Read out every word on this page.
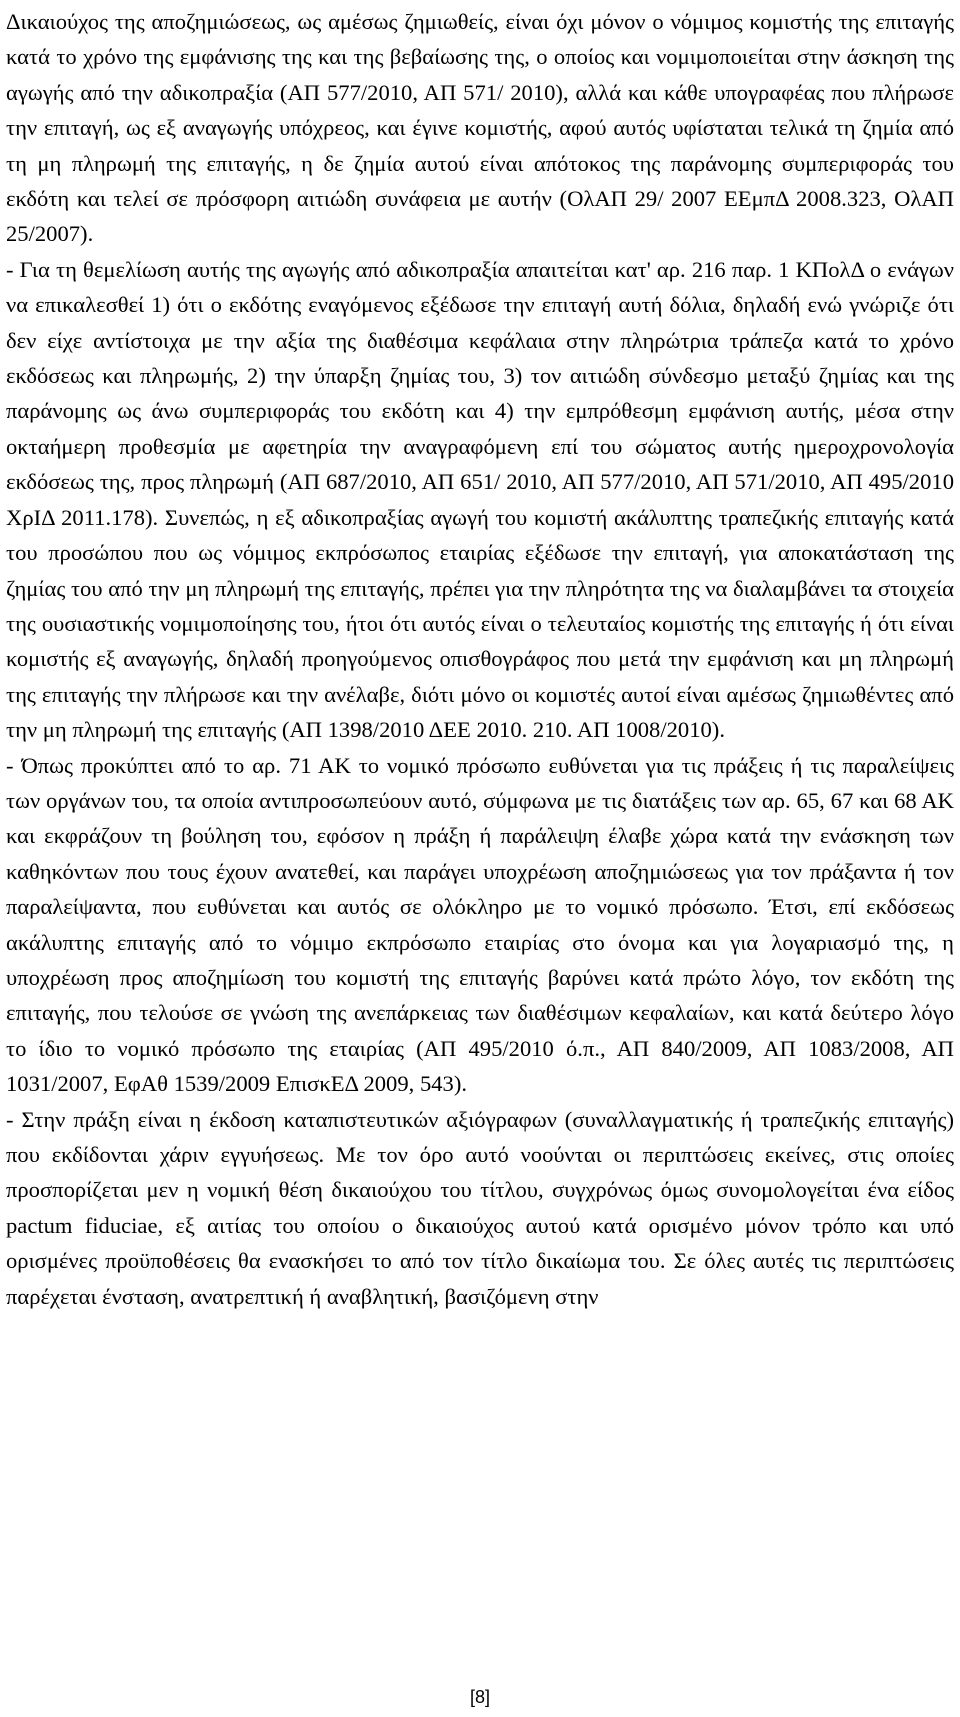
Δικαιούχος της αποζημιώσεως, ως αμέσως ζημιωθείς, είναι όχι μόνον ο νόμιμος κομιστής της επιταγής κατά το χρόνο της εμφάνισης της και της βεβαίωσης της, ο οποίος και νομιμοποιείται στην άσκηση της αγωγής από την αδικοπραξία (ΑΠ 577/2010, ΑΠ 571/ 2010), αλλά και κάθε υπογραφέας που πλήρωσε την επιταγή, ως εξ αναγωγής υπόχρεος, και έγινε κομιστής, αφού αυτός υφίσταται τελικά τη ζημία από τη μη πληρωμή της επιταγής, η δε ζημία αυτού είναι απότοκος της παράνομης συμπεριφοράς του εκδότη και τελεί σε πρόσφορη αιτιώδη συνάφεια με αυτήν (ΟλΑΠ 29/ 2007 ΕΕμπΔ 2008.323, ΟλΑΠ 25/2007).

- Για τη θεμελίωση αυτής της αγωγής από αδικοπραξία απαιτείται κατ' αρ. 216 παρ. 1 ΚΠολΔ ο ενάγων να επικαλεσθεί 1) ότι ο εκδότης εναγόμενος εξέδωσε την επιταγή αυτή δόλια, δηλαδή ενώ γνώριζε ότι δεν είχε αντίστοιχα με την αξία της διαθέσιμα κεφάλαια στην πληρώτρια τράπεζα κατά το χρόνο εκδόσεως και πληρωμής, 2) την ύπαρξη ζημίας του, 3) τον αιτιώδη σύνδεσμο μεταξύ ζημίας και της παράνομης ως άνω συμπεριφοράς του εκδότη και 4) την εμπρόθεσμη εμφάνιση αυτής, μέσα στην οκταήμερη προθεσμία με αφετηρία την αναγραφόμενη επί του σώματος αυτής ημεροχρονολογία εκδόσεως της, προς πληρωμή (ΑΠ 687/2010, ΑΠ 651/ 2010, ΑΠ 577/2010, ΑΠ 571/2010, ΑΠ 495/2010 ΧρΙΔ 2011.178). Συνεπώς, η εξ αδικοπραξίας αγωγή του κομιστή ακάλυπτης τραπεζικής επιταγής κατά του προσώπου που ως νόμιμος εκπρόσωπος εταιρίας εξέδωσε την επιταγή, για αποκατάσταση της ζημίας του από την μη πληρωμή της επιταγής, πρέπει για την πληρότητα της να διαλαμβάνει τα στοιχεία της ουσιαστικής νομιμοποίησης του, ήτοι ότι αυτός είναι ο τελευταίος κομιστής της επιταγής ή ότι είναι κομιστής εξ αναγωγής, δηλαδή προηγούμενος οπισθογράφος που μετά την εμφάνιση και μη πληρωμή της επιταγής την πλήρωσε και την ανέλαβε, διότι μόνο οι κομιστές αυτοί είναι αμέσως ζημιωθέντες από την μη πληρωμή της επιταγής (ΑΠ 1398/2010 ΔΕΕ 2010. 210. ΑΠ 1008/2010).

- Όπως προκύπτει από το αρ. 71 ΑΚ το νομικό πρόσωπο ευθύνεται για τις πράξεις ή τις παραλείψεις των οργάνων του, τα οποία αντιπροσωπεύουν αυτό, σύμφωνα με τις διατάξεις των αρ. 65, 67 και 68 ΑΚ και εκφράζουν τη βούληση του, εφόσον η πράξη ή παράλειψη έλαβε χώρα κατά την ενάσκηση των καθηκόντων που τους έχουν ανατεθεί, και παράγει υποχρέωση αποζημιώσεως για τον πράξαντα ή τον παραλείψαντα, που ευθύνεται και αυτός σε ολόκληρο με το νομικό πρόσωπο. Έτσι, επί εκδόσεως ακάλυπτης επιταγής από το νόμιμο εκπρόσωπο εταιρίας στο όνομα και για λογαριασμό της, η υποχρέωση προς αποζημίωση του κομιστή της επιταγής βαρύνει κατά πρώτο λόγο, τον εκδότη της επιταγής, που τελούσε σε γνώση της ανεπάρκειας των διαθέσιμων κεφαλαίων, και κατά δεύτερο λόγο το ίδιο το νομικό πρόσωπο της εταιρίας (ΑΠ 495/2010 ό.π., ΑΠ 840/2009, ΑΠ 1083/2008, ΑΠ 1031/2007, ΕφΑθ 1539/2009 ΕπισκΕΔ 2009, 543).

- Στην πράξη είναι η έκδοση καταπιστευτικών αξιόγραφων (συναλλαγματικής ή τραπεζικής επιταγής) που εκδίδονται χάριν εγγυήσεως. Με τον όρο αυτό νοούνται οι περιπτώσεις εκείνες, στις οποίες προσπορίζεται μεν η νομική θέση δικαιούχου του τίτλου, συγχρόνως όμως συνομολογείται ένα είδος pactum fiduciae, εξ αιτίας του οποίου ο δικαιούχος αυτού κατά ορισμένο μόνον τρόπο και υπό ορισμένες προϋποθέσεις θα ενασκήσει το από τον τίτλο δικαίωμα του. Σε όλες αυτές τις περιπτώσεις παρέχεται ένσταση, ανατρεπτική ή αναβλητική, βασιζόμενη στην

[8]
